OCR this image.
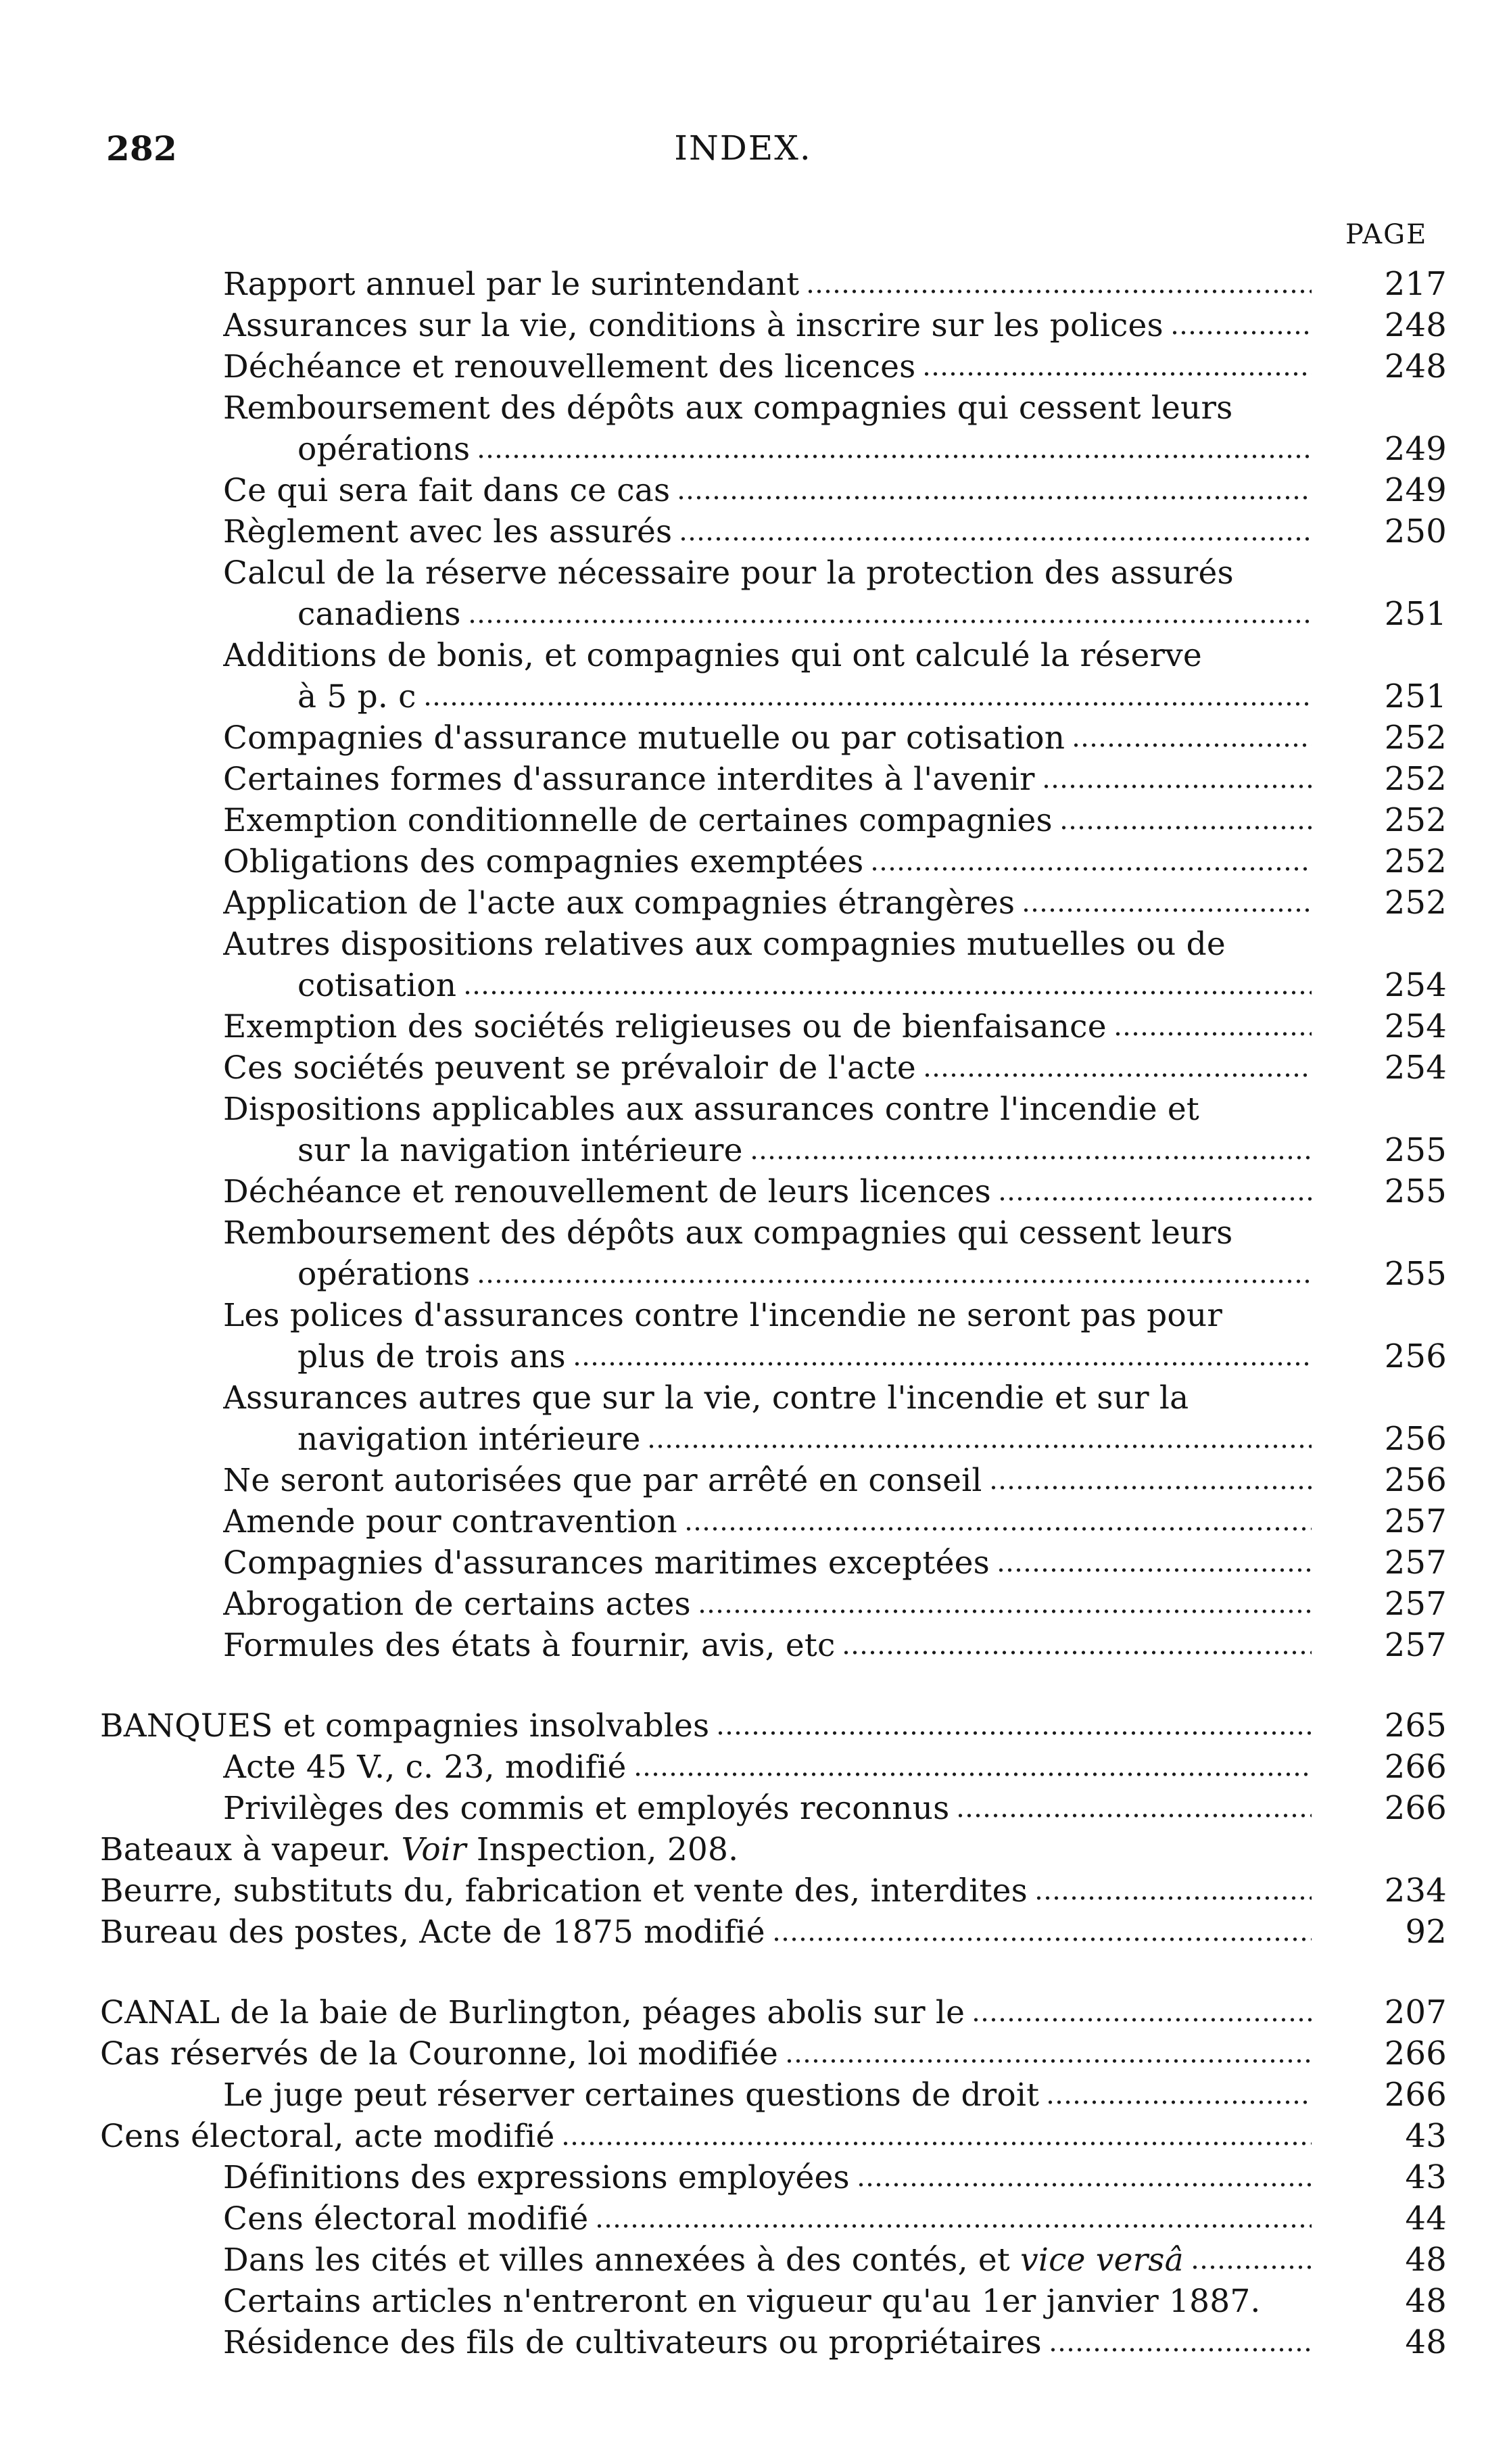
282	INDEX.
PAGE
Rapport annuel par le surintendant	217
Assurances sur la vie, conditions à inscrire sur les polices	248
Déchéance et renouvellement des licences	248
Remboursement des dépôts aux compagnies qui cessent leurs
opérations	249
Ce qui sera fait dans ce cas	249
Règlement avec les assurés	250
Calcul de la réserve nécessaire pour la protection des assurés
canadiens	251
Additions de bonis, et compagnies qui ont calculé la réserve
à 5 p. c	251
Compagnies d'assurance mutuelle ou par cotisation	252
Certaines formes d'assurance interdites à l'avenir	252
Exemption conditionnelle de certaines compagnies	252
Obligations des compagnies exemptées	252
Application de l'acte aux compagnies étrangères	252
Autres dispositions relatives aux compagnies mutuelles ou de
cotisation	254
Exemption des sociétés religieuses ou de bienfaisance	254
Ces sociétés peuvent se prévaloir de l'acte	254
Dispositions applicables aux assurances contre l'incendie et
sur la navigation intérieure	255
Déchéance et renouvellement de leurs licences	255
Remboursement des dépôts aux compagnies qui cessent leurs
opérations	255
Les polices d'assurances contre l'incendie ne seront pas pour
plus de trois ans	256
Assurances autres que sur la vie, contre l'incendie et sur la
navigation intérieure	256
Ne seront autorisées que par arrêté en conseil	256
Amende pour contravention	257
Compagnies d'assurances maritimes exceptées	257
Abrogation de certains actes	257
Formules des états à fournir, avis, etc	257
BANQUES et compagnies insolvables	265
Acte 45 V., c. 23, modifié	266
Privilèges des commis et employés reconnus	266
Bateaux à vapeur. Voir Inspection, 208.
Beurre, substituts du, fabrication et vente des, interdites	234
Bureau des postes, Acte de 1875 modifié	92
CANAL de la baie de Burlington, péages abolis sur le	207
Cas réservés de la Couronne, loi modifiée	266
Le juge peut réserver certaines questions de droit	266
Cens électoral, acte modifié	43
Définitions des expressions employées	43
Cens électoral modifié	44
Dans les cités et villes annexées à des contés, et vice versâ	48
Certains articles n'entreront en vigueur qu'au 1er janvier 1887.	48
Résidence des fils de cultivateurs ou propriétaires	48
